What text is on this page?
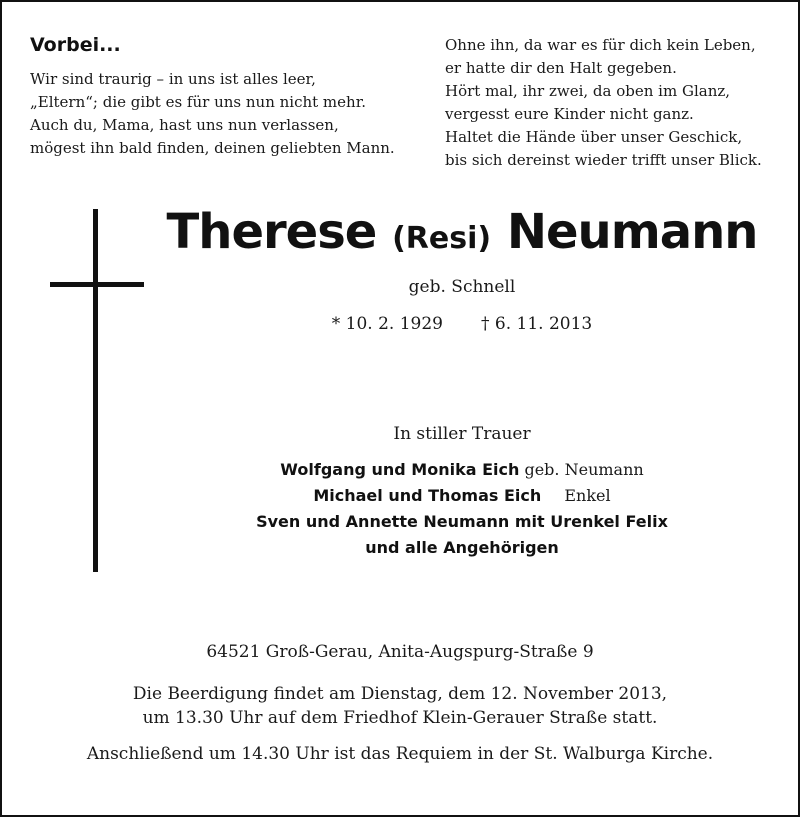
Vorbei...
Wir sind traurig – in uns ist alles leer,
„Eltern“; die gibt es für uns nun nicht mehr.
Auch du, Mama, hast uns nun verlassen,
mögest ihn bald finden, deinen geliebten Mann.
Ohne ihn, da war es für dich kein Leben,
er hatte dir den Halt gegeben.
Hört mal, ihr zwei, da oben im Glanz,
vergesst eure Kinder nicht ganz.
Haltet die Hände über unser Geschick,
bis sich dereinst wieder trifft unser Blick.
Therese (Resi) Neumann
geb. Schnell
* 10. 2. 1929 † 6. 11. 2013
In stiller Trauer
Wolfgang und Monika Eich geb. Neumann
Michael und Thomas Eich Enkel
Sven und Annette Neumann mit Urenkel Felix
und alle Angehörigen
64521 Groß-Gerau, Anita-Augspurg-Straße 9
Die Beerdigung findet am Dienstag, dem 12. November 2013,
um 13.30 Uhr auf dem Friedhof Klein-Gerauer Straße statt.
Anschließend um 14.30 Uhr ist das Requiem in der St. Walburga Kirche.
